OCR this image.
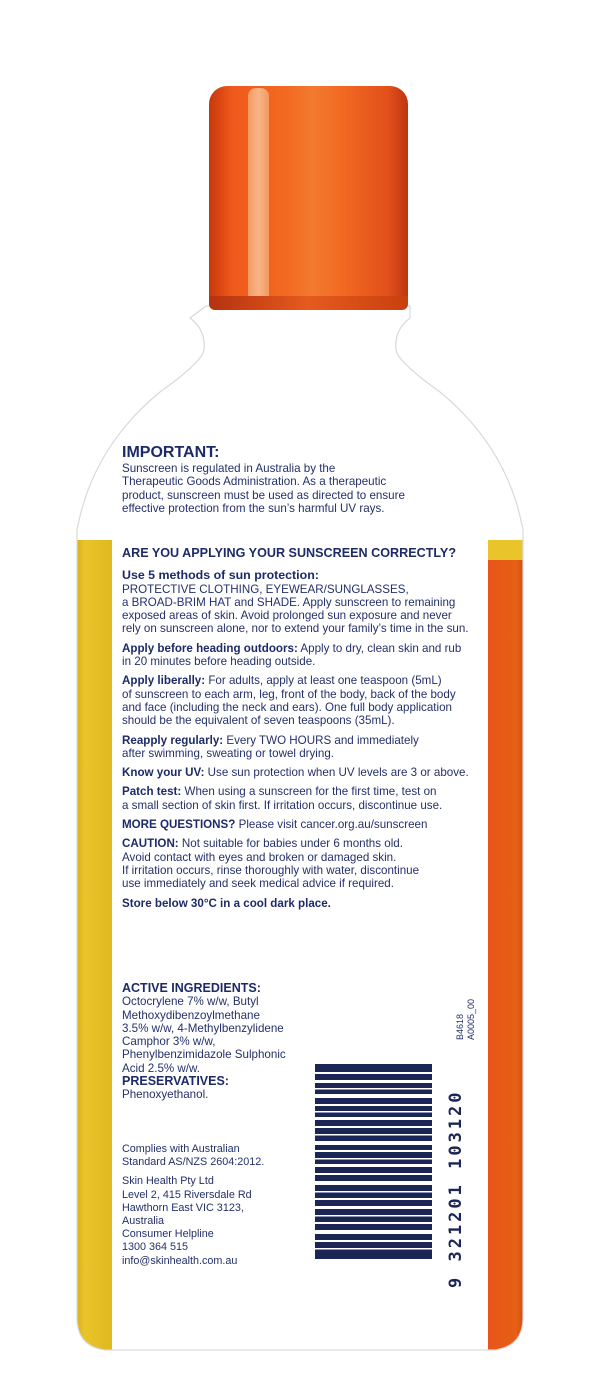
IMPORTANT:

Sunscreen is regulated in Australia by the

Therapeutic Goods Administration. As a therapeutic

product, sunscreen must be used as directed to ensure

effective protection from the sun’s harmful UV rays.

ARE YOU APPLYING YOUR SUNSCREEN CORRECTLY?

Use 5 methods of sun protection:

PROTECTIVE CLOTHING, EYEWEAR/SUNGLASSES,

a BROAD-BRIM HAT and SHADE. Apply sunscreen to remaining

exposed areas of skin. Avoid prolonged sun exposure and never

rely on sunscreen alone, nor to extend your family’s time in the sun.

Apply before heading outdoors: Apply to dry, clean skin and rub

in 20 minutes before heading outside.

Apply liberally: For adults, apply at least one teaspoon (5mL)

of sunscreen to each arm, leg, front of the body, back of the body

and face (including the neck and ears). One full body application

should be the equivalent of seven teaspoons (35mL).

Reapply regularly: Every TWO HOURS and immediately

after swimming, sweating or towel drying.

Know your UV: Use sun protection when UV levels are 3 or above.

Patch test: When using a sunscreen for the first time, test on

a small section of skin first. If irritation occurs, discontinue use.

MORE QUESTIONS? Please visit cancer.org.au/sunscreen

CAUTION: Not suitable for babies under 6 months old.

Avoid contact with eyes and broken or damaged skin.

If irritation occurs, rinse thoroughly with water, discontinue

use immediately and seek medical advice if required.

Store below 30°C in a cool dark place.

ACTIVE INGREDIENTS:

Octocrylene 7% w/w, Butyl

Methoxydibenzoylmethane

3.5% w/w, 4-Methylbenzylidene

Camphor 3% w/w,

Phenylbenzimidazole Sulphonic

Acid 2.5% w/w.

PRESERVATIVES:

Phenoxyethanol.

Complies with Australian

Standard AS/NZS 2604:2012.

Skin Health Pty Ltd

Level 2, 415 Riversdale Rd

Hawthorn East VIC 3123,

Australia

Consumer Helpline

1300 364 515

info@skinhealth.com.au

B4618 A0005_00
9 321201 103120
